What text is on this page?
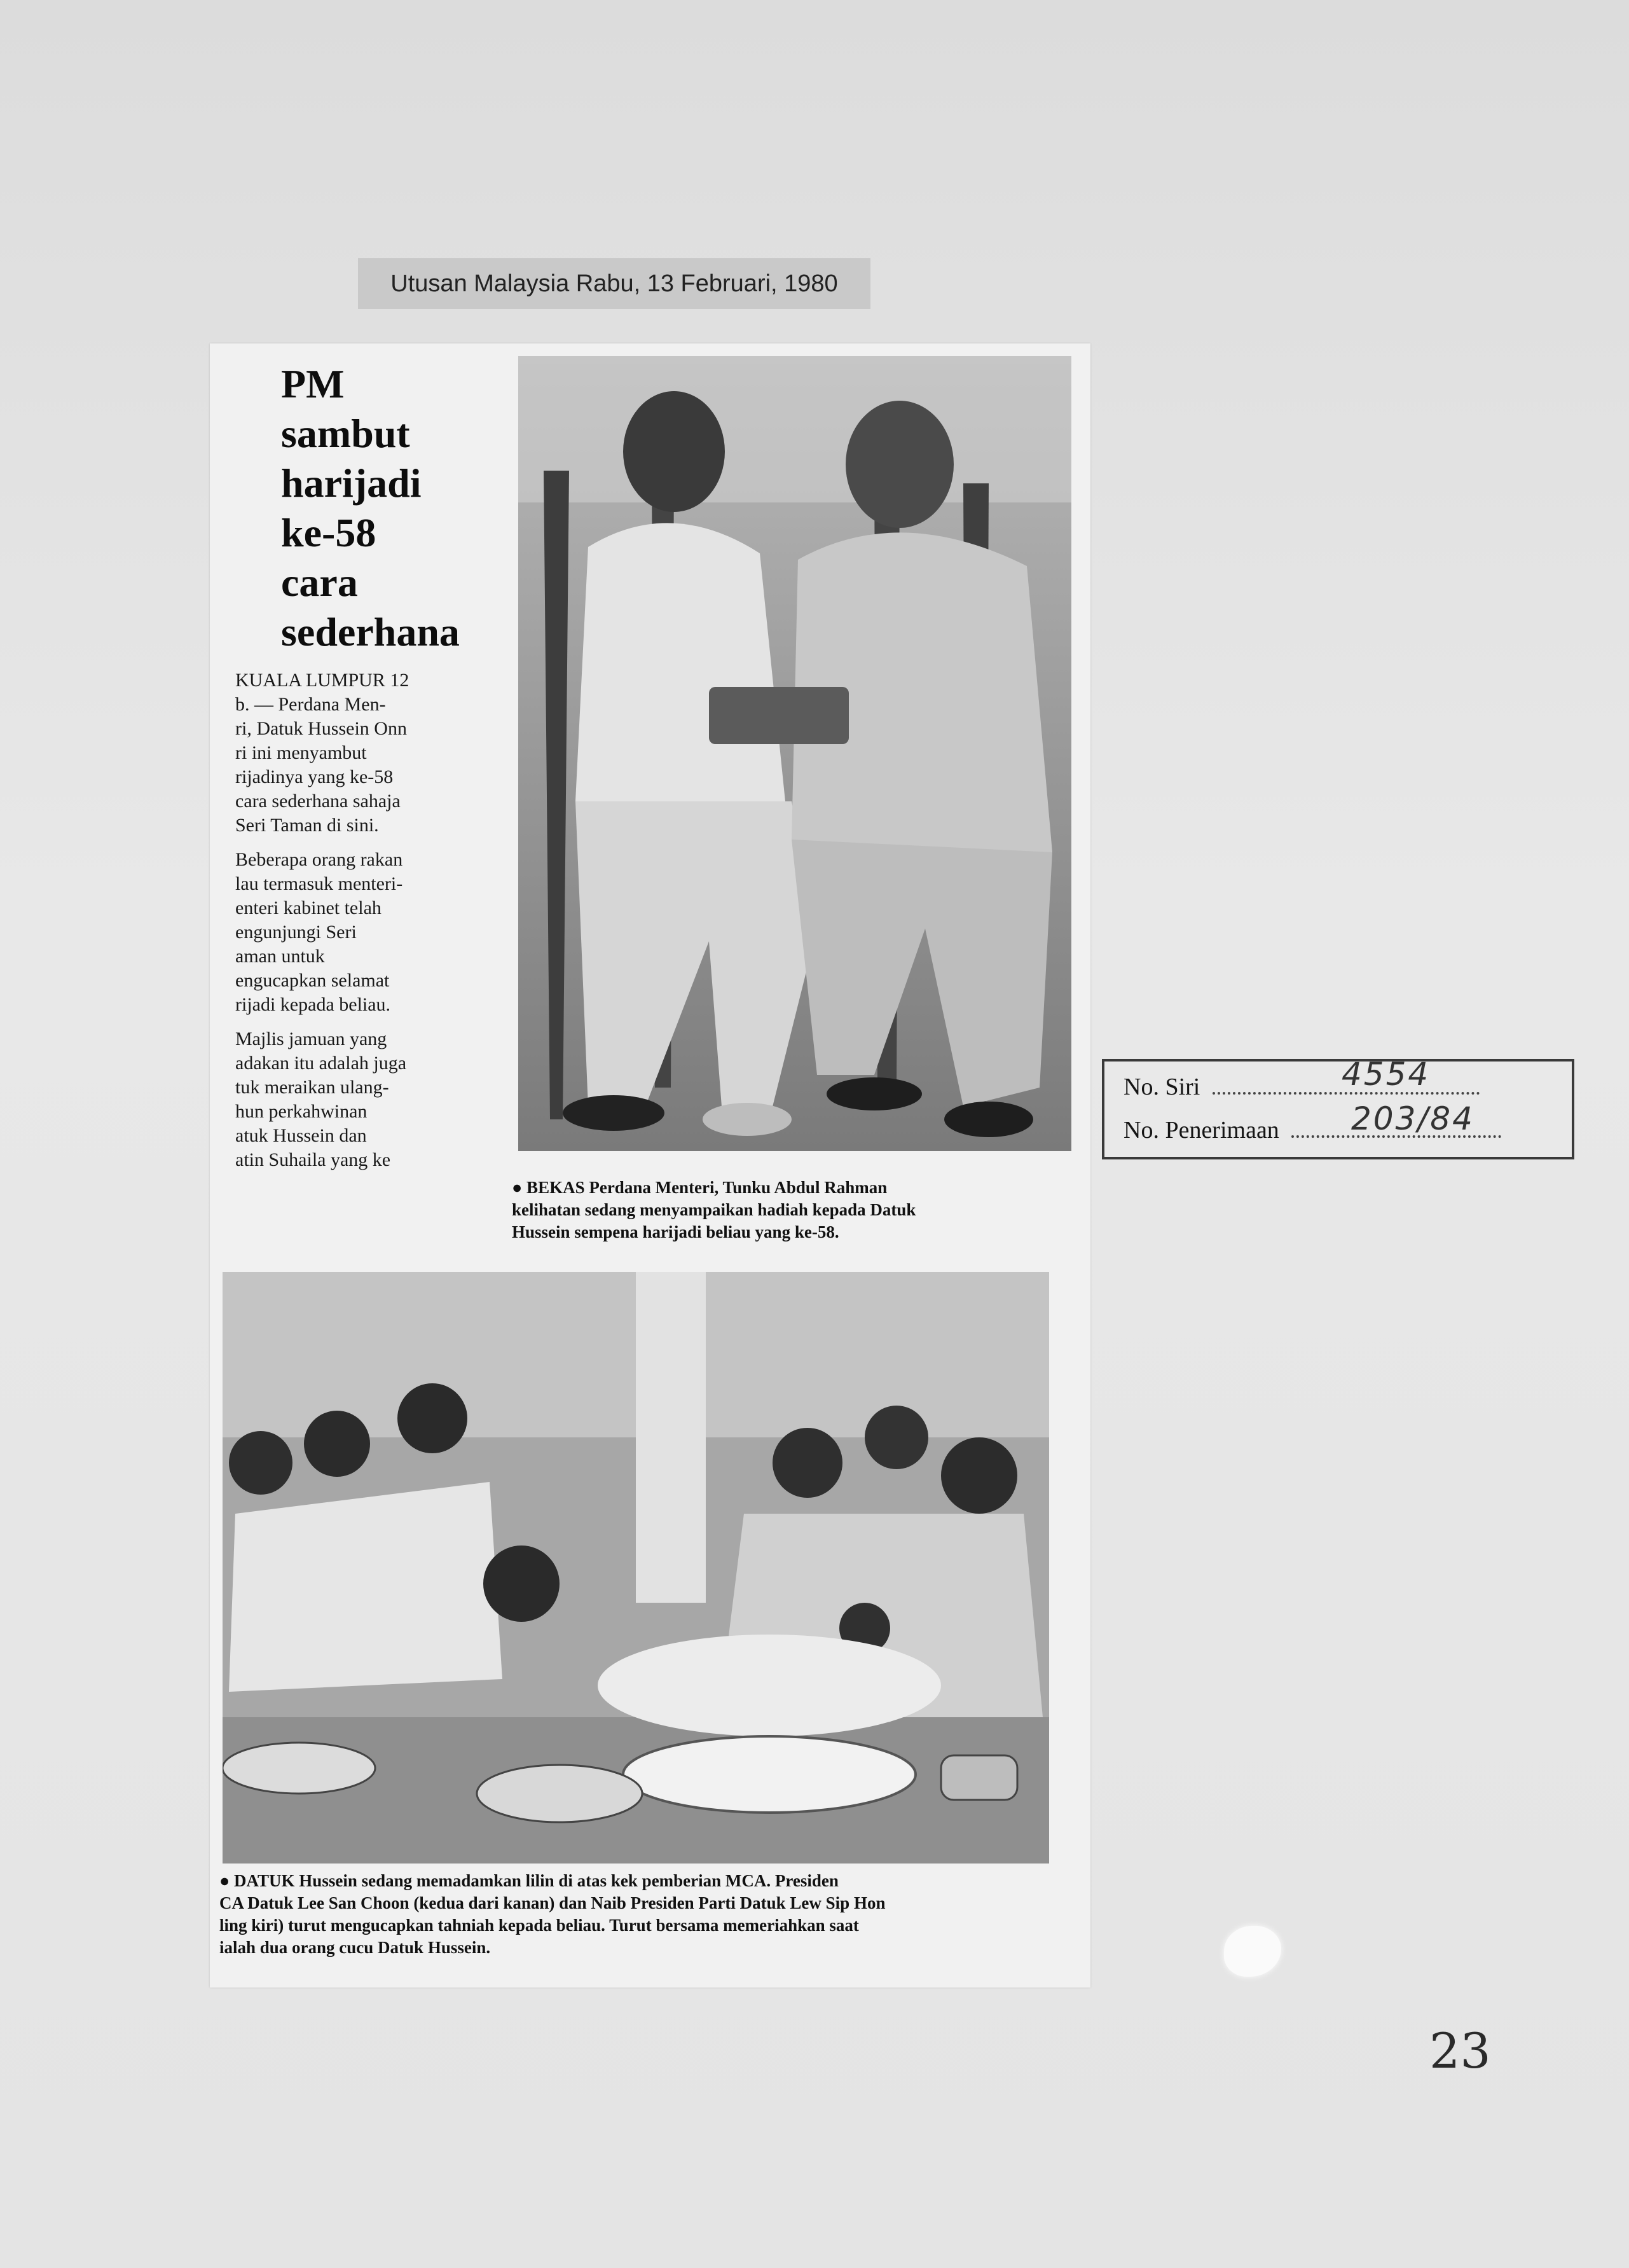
Utusan Malaysia Rabu, 13 Februari, 1980
PM
sambut
harijadi
ke-58
cara
sederhana

KUALA LUMPUR 12
b. — Perdana Men-
ri, Datuk Hussein Onn
ri ini menyambut
rijadinya yang ke-58
cara sederhana sahaja
Seri Taman di sini.

Beberapa orang rakan
lau termasuk menteri-
enteri kabinet telah
engunjungi Seri
aman untuk
engucapkan selamat
rijadi kepada beliau.

Majlis jamuan yang
adakan itu adalah juga
tuk meraikan ulang-
hun perkahwinan
atuk Hussein dan
atin Suhaila yang ke

● BEKAS Perdana Menteri, Tunku Abdul Rahman
kelihatan sedang menyampaikan hadiah kepada Datuk
Hussein sempena harijadi beliau yang ke-58.
● DATUK Hussein sedang memadamkan lilin di atas kek pemberian MCA. Presiden
CA Datuk Lee San Choon (kedua dari kanan) dan Naib Presiden Parti Datuk Lew Sip Hon
ling kiri) turut mengucapkan tahniah kepada beliau. Turut bersama memeriahkan saat
ialah dua orang cucu Datuk Hussein.
No. Siri
No. Penerimaan
4554
203/84
23
